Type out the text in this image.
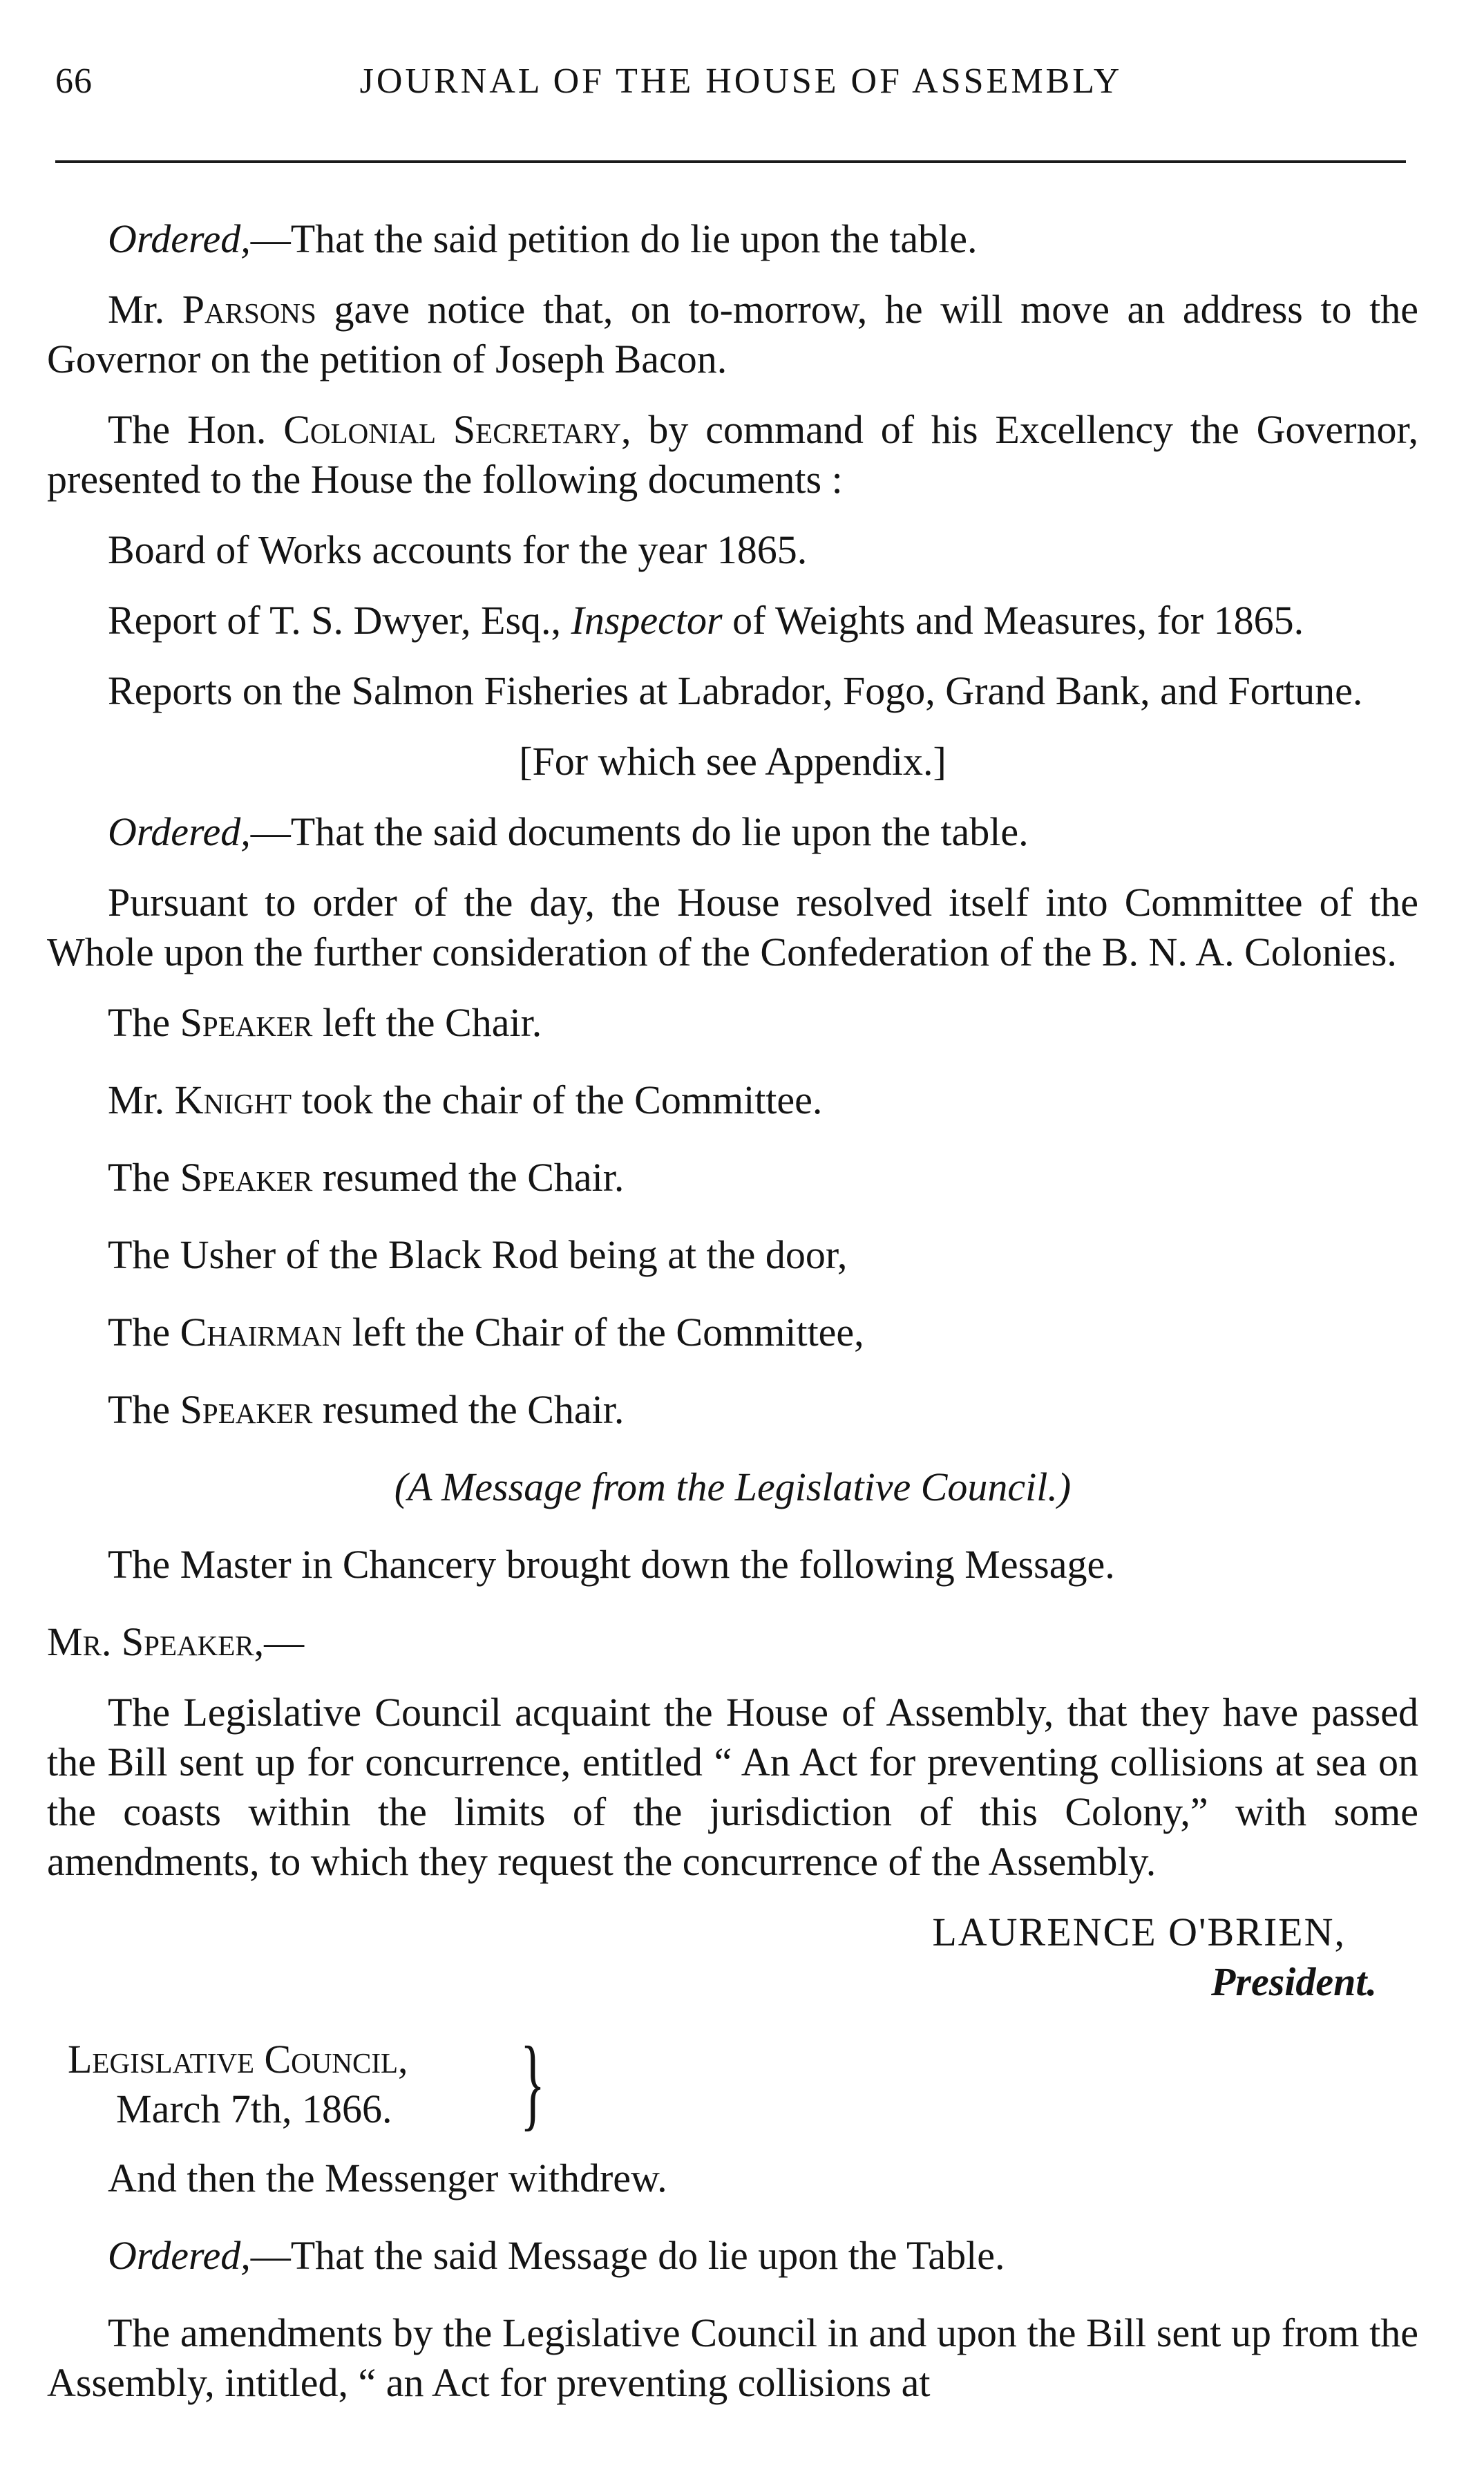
66	JOURNAL OF THE HOUSE OF ASSEMBLY

Ordered,—That the said petition do lie upon the table.

Mr. Parsons gave notice that, on to-morrow, he will move an address to the Governor on the petition of Joseph Bacon.

The Hon. Colonial Secretary, by command of his Excellency the Governor, presented to the House the following documents :

Board of Works accounts for the year 1865.

Report of T. S. Dwyer, Esq., Inspector of Weights and Measures, for 1865.

Reports on the Salmon Fisheries at Labrador, Fogo, Grand Bank, and Fortune.

[For which see Appendix.]

Ordered,—That the said documents do lie upon the table.

Pursuant to order of the day, the House resolved itself into Committee of the Whole upon the further consideration of the Confederation of the B. N. A. Colonies.

The Speaker left the Chair.

Mr. Knight took the chair of the Committee.

The Speaker resumed the Chair.

The Usher of the Black Rod being at the door,

The Chairman left the Chair of the Committee,

The Speaker resumed the Chair.

(A Message from the Legislative Council.)

The Master in Chancery brought down the following Message.

Mr. Speaker,—

The Legislative Council acquaint the House of Assembly, that they have passed the Bill sent up for concurrence, entitled “ An Act for preventing collisions at sea on the coasts within the limits of the jurisdiction of this Colony,” with some amendments, to which they request the concurrence of the Assembly.

LAURENCE O'BRIEN,

President.

Legislative Council,
March 7th, 1866. }

And then the Messenger withdrew.

Ordered,—That the said Message do lie upon the Table.

The amendments by the Legislative Council in and upon the Bill sent up from the Assembly, intitled, “ an Act for preventing collisions at
